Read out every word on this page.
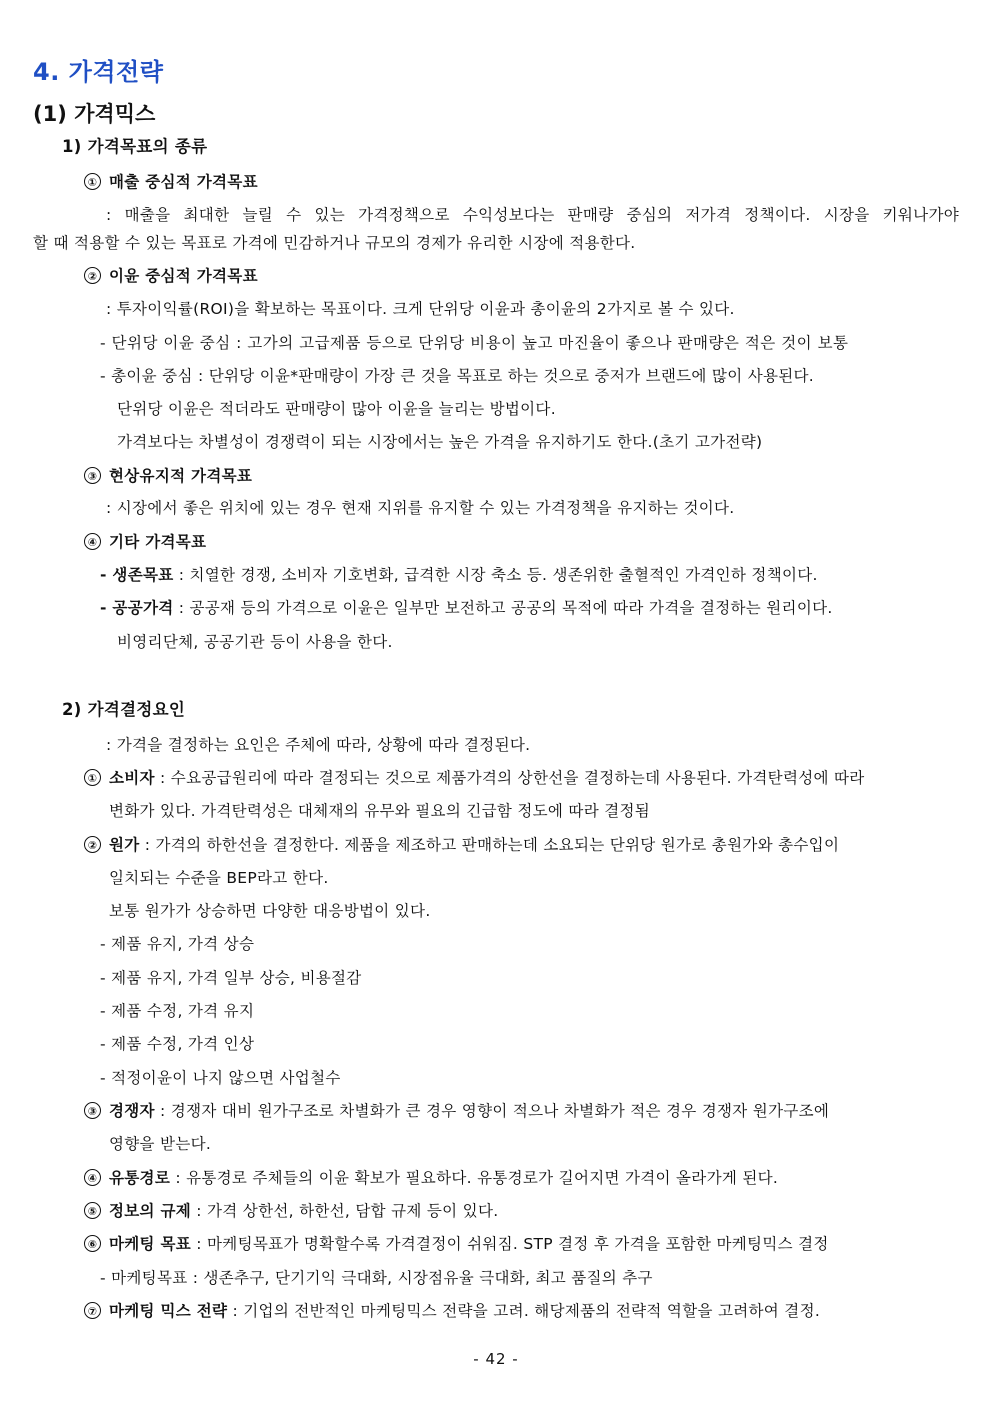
4. 가격전략
(1) 가격믹스
1) 가격목표의 종류
① 매출 중심적 가격목표
: 매출을 최대한 늘릴 수 있는 가격정책으로 수익성보다는 판매량 중심의 저가격 정책이다. 시장을 키워나가야
할 때 적용할 수 있는 목표로 가격에 민감하거나 규모의 경제가 유리한 시장에 적용한다.
② 이윤 중심적 가격목표
: 투자이익률(ROI)을 확보하는 목표이다. 크게 단위당 이윤과 총이윤의 2가지로 볼 수 있다.
- 단위당 이윤 중심 : 고가의 고급제품 등으로 단위당 비용이 높고 마진율이 좋으나 판매량은 적은 것이 보통
- 총이윤 중심 : 단위당 이윤*판매량이 가장 큰 것을 목표로 하는 것으로 중저가 브랜드에 많이 사용된다.
단위당 이윤은 적더라도 판매량이 많아 이윤을 늘리는 방법이다.
가격보다는 차별성이 경쟁력이 되는 시장에서는 높은 가격을 유지하기도 한다.(초기 고가전략)
③ 현상유지적 가격목표
: 시장에서 좋은 위치에 있는 경우 현재 지위를 유지할 수 있는 가격정책을 유지하는 것이다.
④ 기타 가격목표
- 생존목표 : 치열한 경쟁, 소비자 기호변화, 급격한 시장 축소 등. 생존위한 출혈적인 가격인하 정책이다.
- 공공가격 : 공공재 등의 가격으로 이윤은 일부만 보전하고 공공의 목적에 따라 가격을 결정하는 원리이다.
비영리단체, 공공기관 등이 사용을 한다.
2) 가격결정요인
: 가격을 결정하는 요인은 주체에 따라, 상황에 따라 결정된다.
① 소비자 : 수요공급원리에 따라 결정되는 것으로 제품가격의 상한선을 결정하는데 사용된다. 가격탄력성에 따라
변화가 있다. 가격탄력성은 대체재의 유무와 필요의 긴급함 정도에 따라 결정됨
② 원가 : 가격의 하한선을 결정한다. 제품을 제조하고 판매하는데 소요되는 단위당 원가로 총원가와 총수입이
일치되는 수준을 BEP라고 한다.
보통 원가가 상승하면 다양한 대응방법이 있다.
- 제품 유지, 가격 상승
- 제품 유지, 가격 일부 상승, 비용절감
- 제품 수정, 가격 유지
- 제품 수정, 가격 인상
- 적정이윤이 나지 않으면 사업철수
③ 경쟁자 : 경쟁자 대비 원가구조로 차별화가 큰 경우 영향이 적으나 차별화가 적은 경우 경쟁자 원가구조에
영향을 받는다.
④ 유통경로 : 유통경로 주체들의 이윤 확보가 필요하다. 유통경로가 길어지면 가격이 올라가게 된다.
⑤ 정보의 규제 : 가격 상한선, 하한선, 담합 규제 등이 있다.
⑥ 마케팅 목표 : 마케팅목표가 명확할수록 가격결정이 쉬워짐. STP 결정 후 가격을 포함한 마케팅믹스 결정
- 마케팅목표 : 생존추구, 단기기익 극대화, 시장점유율 극대화, 최고 품질의 추구
⑦ 마케팅 믹스 전략 : 기업의 전반적인 마케팅믹스 전략을 고려. 해당제품의 전략적 역할을 고려하여 결정.
- 42 -
